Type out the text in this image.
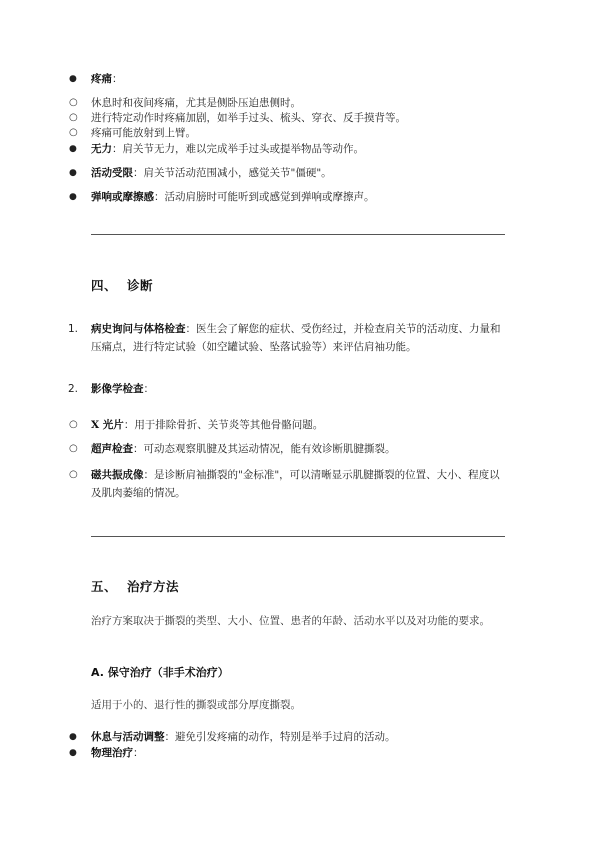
● 疼痛：
○ 休息时和夜间疼痛，尤其是侧卧压迫患侧时。
○ 进行特定动作时疼痛加剧，如举手过头、梳头、穿衣、反手摸背等。
○ 疼痛可能放射到上臂。
● 无力：肩关节无力，难以完成举手过头或提举物品等动作。
● 活动受限：肩关节活动范围减小，感觉关节"僵硬"。
● 弹响或摩擦感：活动肩膀时可能听到或感觉到弹响或摩擦声。
四、 诊断
1. 病史询问与体格检查：医生会了解您的症状、受伤经过，并检查肩关节的活动度、力量和压痛点，进行特定试验（如空罐试验、坠落试验等）来评估肩袖功能。
2. 影像学检查：
○ X 光片：用于排除骨折、关节炎等其他骨骼问题。
○ 超声检查：可动态观察肌腱及其运动情况，能有效诊断肌腱撕裂。
○ 磁共振成像：是诊断肩袖撕裂的"金标准"，可以清晰显示肌腱撕裂的位置、大小、程度以及肌肉萎缩的情况。
五、 治疗方法
治疗方案取决于撕裂的类型、大小、位置、患者的年龄、活动水平以及对功能的要求。
A. 保守治疗（非手术治疗）
适用于小的、退行性的撕裂或部分厚度撕裂。
● 休息与活动调整：避免引发疼痛的动作，特别是举手过肩的活动。
● 物理治疗：
